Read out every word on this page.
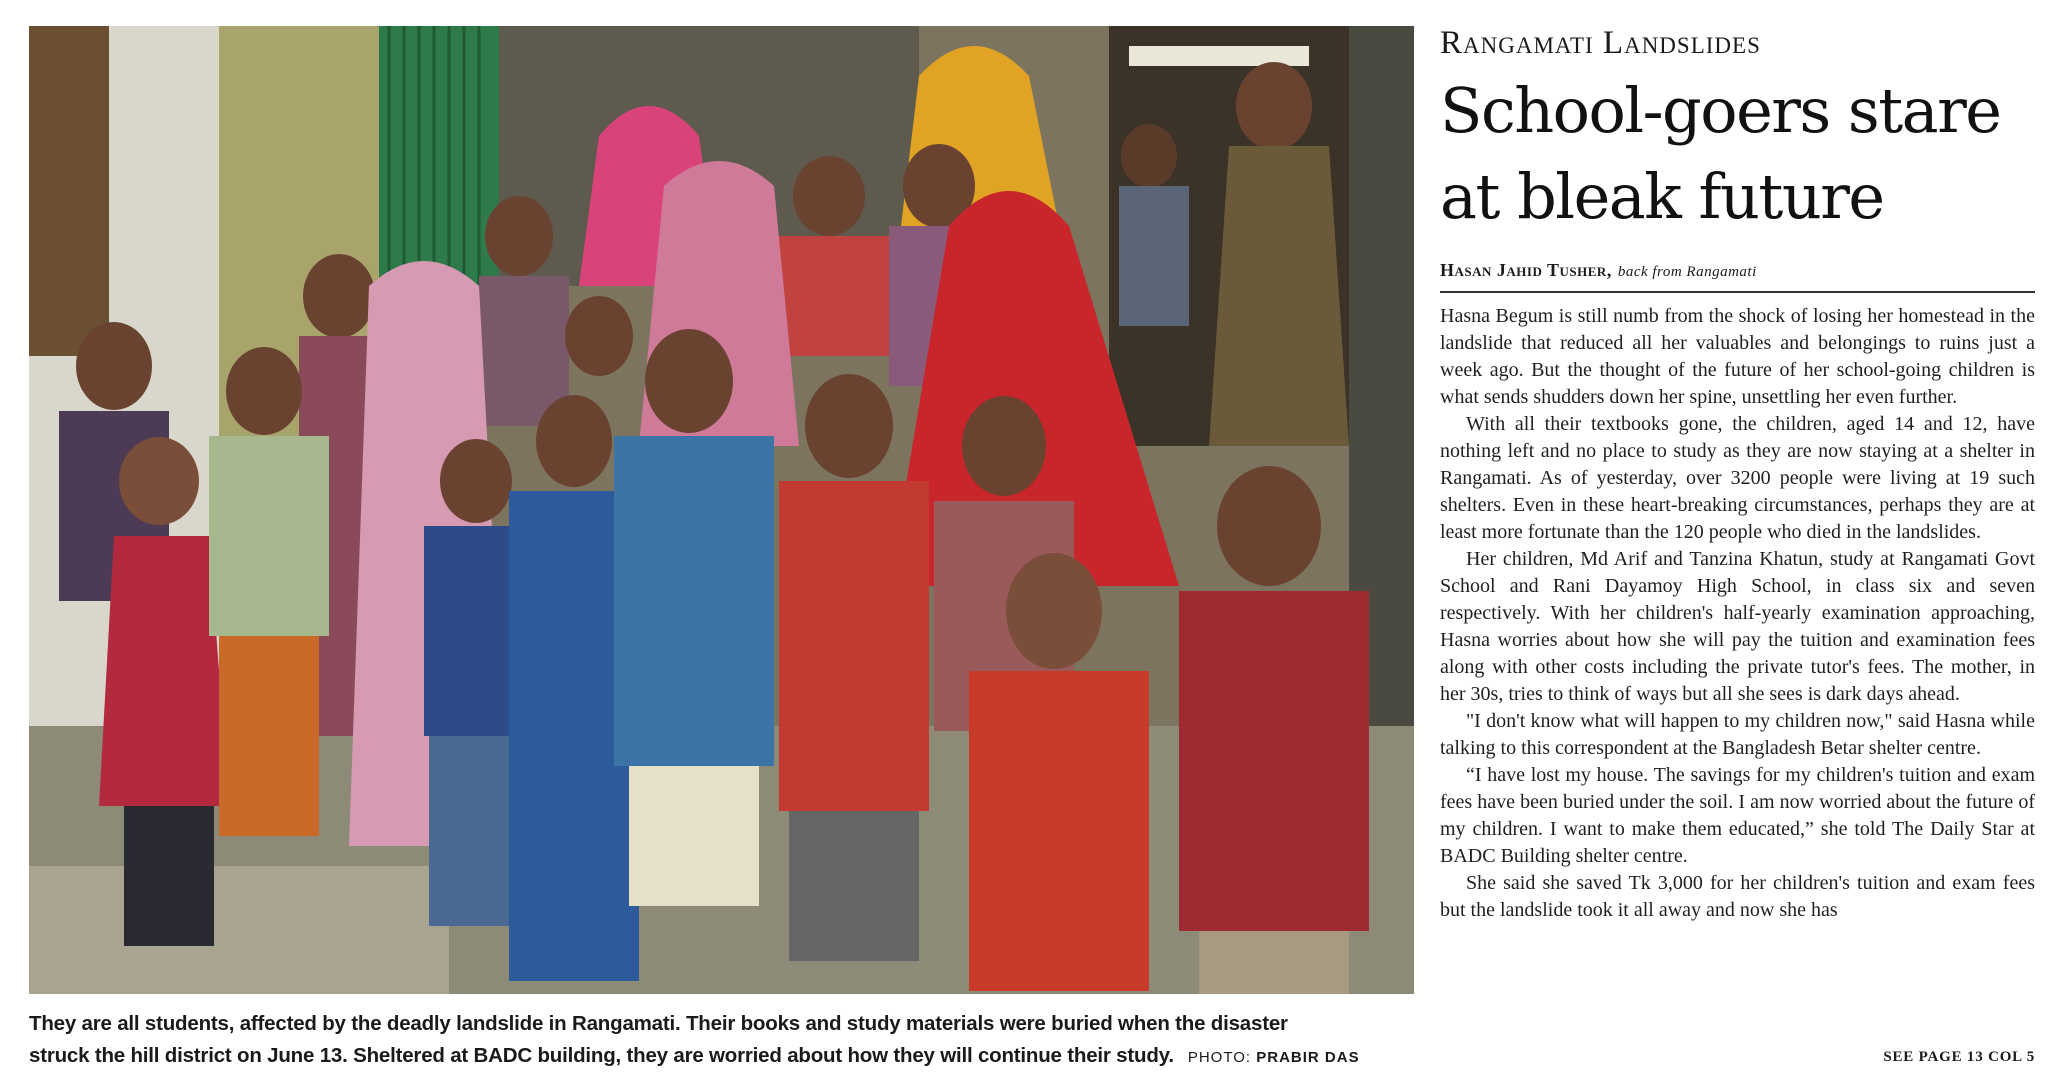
They are all students, affected by the deadly landslide in Rangamati. Their books and study materials were buried when the disaster
struck the hill district on June 13. Sheltered at BADC building, they are worried about how they will continue their study. PHOTO: PRABIR DAS
Rangamati Landslides
School-goers stare
at bleak future
Hasan Jahid Tusher, back from Rangamati

Hasna Begum is still numb from the shock of losing her homestead in the landslide that reduced all her valuables and belongings to ruins just a week ago. But the thought of the future of her school-going children is what sends shudders down her spine, unsettling her even further.

With all their textbooks gone, the children, aged 14 and 12, have nothing left and no place to study as they are now staying at a shelter in Rangamati. As of yesterday, over 3200 people were living at 19 such shelters. Even in these heart-breaking circumstances, perhaps they are at least more fortunate than the 120 people who died in the landslides.

Her children, Md Arif and Tanzina Khatun, study at Rangamati Govt School and Rani Dayamoy High School, in class six and seven respectively. With her children's half-yearly examination approaching, Hasna worries about how she will pay the tuition and examination fees along with other costs including the private tutor's fees. The mother, in her 30s, tries to think of ways but all she sees is dark days ahead.

"I don't know what will happen to my children now," said Hasna while talking to this correspondent at the Bangladesh Betar shelter centre.

“I have lost my house. The savings for my children's tuition and exam fees have been buried under the soil. I am now worried about the future of my children. I want to make them educated,” she told The Daily Star at BADC Building shelter centre.

She said she saved Tk 3,000 for her children's tuition and exam fees but the landslide took it all away and now she has

SEE PAGE 13 COL 5
